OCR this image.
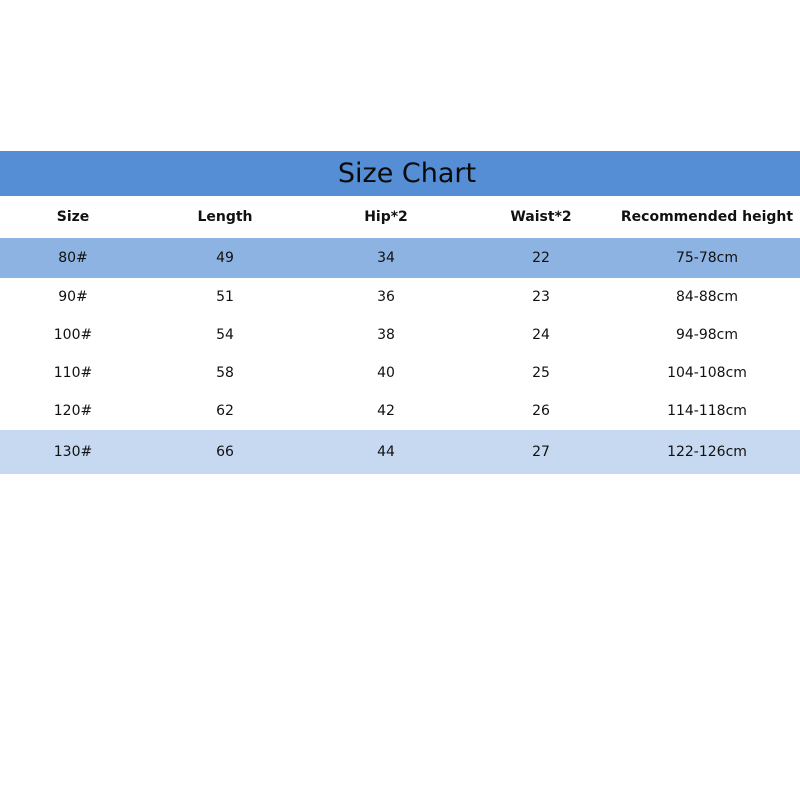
Size Chart
Size	Length	Hip*2	Waist*2	Recommended height
80#	49	34	22	75-78cm
90#	51	36	23	84-88cm
100#	54	38	24	94-98cm
110#	58	40	25	104-108cm
120#	62	42	26	114-118cm
130#	66	44	27	122-126cm
